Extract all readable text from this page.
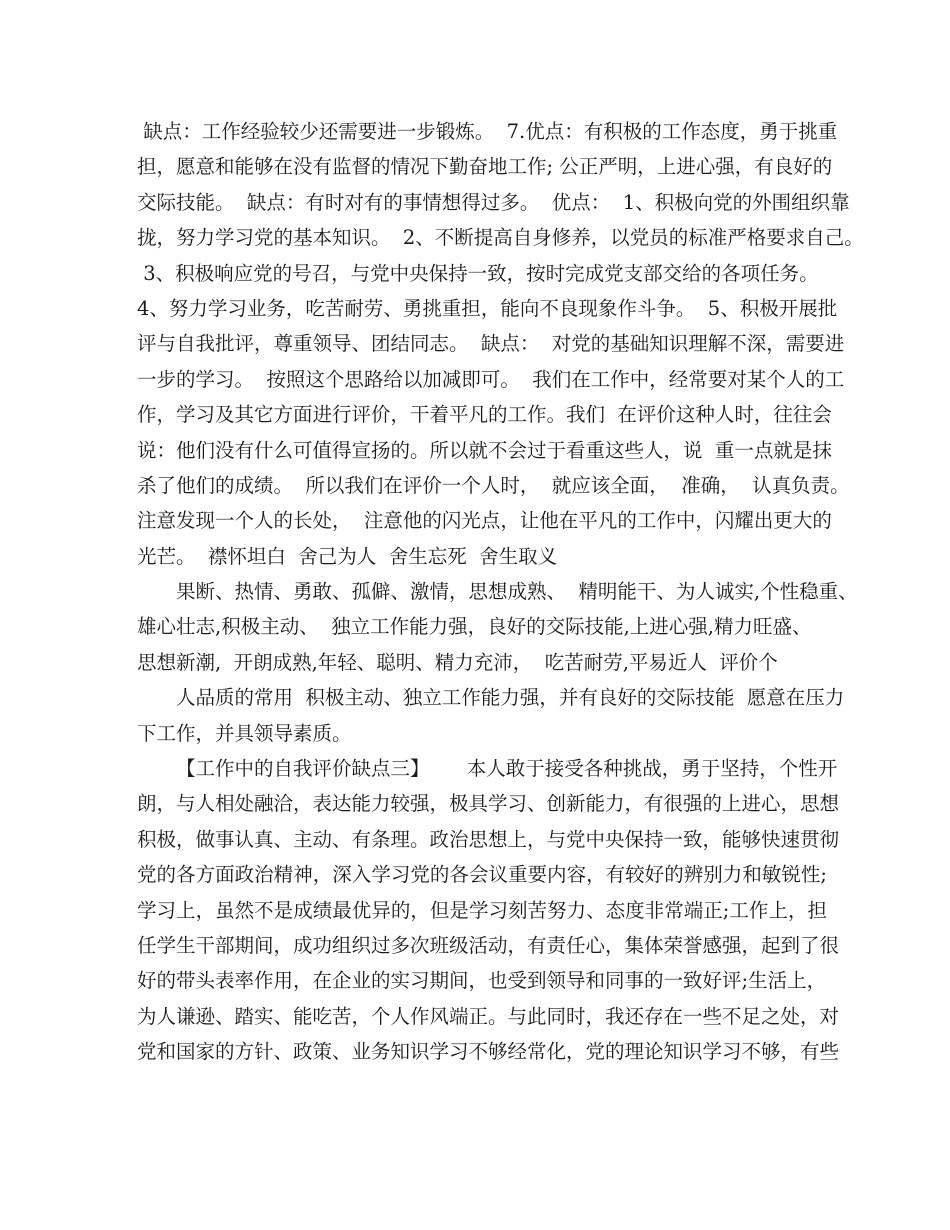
缺点：工作经验较少还需要进一步锻炼。  7.优点：有积极的工作态度，勇于挑重
担，愿意和能够在没有监督的情况下勤奋地工作; 公正严明，上进心强，有良好的
交际技能。  缺点：有时对有的事情想得过多。  优点：  1、积极向党的外围组织靠
拢，努力学习党的基本知识。  2、不断提高自身修养，以党员的标准严格要求自己。
3、积极响应党的号召，与党中央保持一致，按时完成党支部交给的各项任务。
4、努力学习业务，吃苦耐劳、勇挑重担，能向不良现象作斗争。  5、积极开展批
评与自我批评，尊重领导、团结同志。  缺点：  对党的基础知识理解不深，需要进
一步的学习。  按照这个思路给以加减即可。  我们在工作中，经常要对某个人的工
作，学习及其它方面进行评价，干着平凡的工作。我们  在评价这种人时，往往会
说：他们没有什么可值得宣扬的。所以就不会过于看重这些人，说  重一点就是抹
杀了他们的成绩。  所以我们在评价一个人时，  就应该全面，  准确，  认真负责。
注意发现一个人的长处，  注意他的闪光点，让他在平凡的工作中，闪耀出更大的
光芒。  襟怀坦白  舍己为人  舍生忘死  舍生取义
果断、热情、勇敢、孤僻、激情，思想成熟、  精明能干、为人诚实,个性稳重、
雄心壮志,积极主动、  独立工作能力强，良好的交际技能,上进心强,精力旺盛、
思想新潮,  开朗成熟,年轻、聪明、精力充沛，  吃苦耐劳,平易近人  评价个
人品质的常用  积极主动、独立工作能力强，并有良好的交际技能  愿意在压力
下工作，并具领导素质。
【工作中的自我评价缺点三】      本人敢于接受各种挑战，勇于坚持，个性开
朗，与人相处融洽，表达能力较强，极具学习、创新能力，有很强的上进心，思想
积极，做事认真、主动、有条理。政治思想上，与党中央保持一致，能够快速贯彻
党的各方面政治精神，深入学习党的各会议重要内容，有较好的辨别力和敏锐性;
学习上，虽然不是成绩最优异的，但是学习刻苦努力、态度非常端正;工作上，担
任学生干部期间，成功组织过多次班级活动，有责任心，集体荣誉感强，起到了很
好的带头表率作用，在企业的实习期间，也受到领导和同事的一致好评;生活上，
为人谦逊、踏实、能吃苦，个人作风端正。与此同时，我还存在一些不足之处，对
党和国家的方针、政策、业务知识学习不够经常化，党的理论知识学习不够，有些
